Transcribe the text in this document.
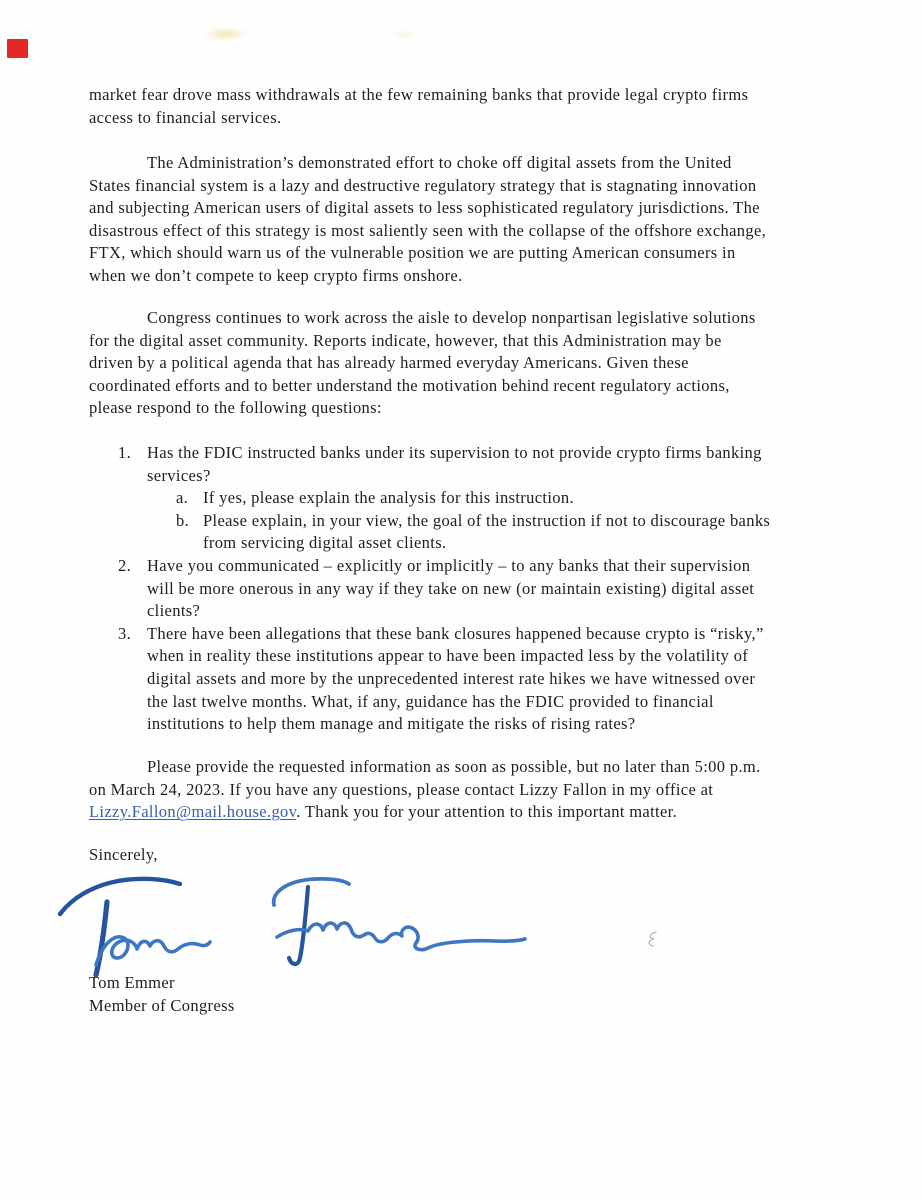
market fear drove mass withdrawals at the few remaining banks that provide legal crypto firms
access to financial services.
The Administration’s demonstrated effort to choke off digital assets from the United
States financial system is a lazy and destructive regulatory strategy that is stagnating innovation
and subjecting American users of digital assets to less sophisticated regulatory jurisdictions. The
disastrous effect of this strategy is most saliently seen with the collapse of the offshore exchange,
FTX, which should warn us of the vulnerable position we are putting American consumers in
when we don’t compete to keep crypto firms onshore.
Congress continues to work across the aisle to develop nonpartisan legislative solutions
for the digital asset community. Reports indicate, however, that this Administration may be
driven by a political agenda that has already harmed everyday Americans. Given these
coordinated efforts and to better understand the motivation behind recent regulatory actions,
please respond to the following questions:
1. Has the FDIC instructed banks under its supervision to not provide crypto firms banking
services?
a. If yes, please explain the analysis for this instruction.
b. Please explain, in your view, the goal of the instruction if not to discourage banks
from servicing digital asset clients.
2. Have you communicated – explicitly or implicitly – to any banks that their supervision
will be more onerous in any way if they take on new (or maintain existing) digital asset
clients?
3. There have been allegations that these bank closures happened because crypto is “risky,”
when in reality these institutions appear to have been impacted less by the volatility of
digital assets and more by the unprecedented interest rate hikes we have witnessed over
the last twelve months. What, if any, guidance has the FDIC provided to financial
institutions to help them manage and mitigate the risks of rising rates?
Please provide the requested information as soon as possible, but no later than 5:00 p.m.
on March 24, 2023. If you have any questions, please contact Lizzy Fallon in my office at
Lizzy.Fallon@mail.house.gov. Thank you for your attention to this important matter.
Sincerely,
Tom Emmer
Member of Congress
